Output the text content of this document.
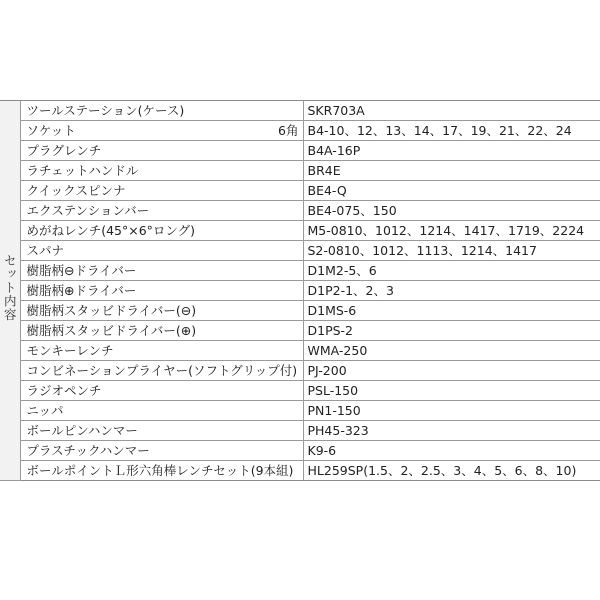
セット内容	ツールステーション(ケース)	SKR703A

	ソケット 6角	B4-10、12、13、14、17、19、21、22、24

	プラグレンチ	B4A-16P

	ラチェットハンドル	BR4E

	クイックスピンナ	BE4-Q

	エクステンションバー	BE4-075、150

	めがねレンチ(45°×6°ロング)	M5-0810、1012、1214、1417、1719、2224

	スパナ	S2-0810、1012、1113、1214、1417

	樹脂柄⊖ドライバー	D1M2-5、6

	樹脂柄⊕ドライバー	D1P2-1、2、3

	樹脂柄スタッビドライバー(⊖)	D1MS-6

	樹脂柄スタッビドライバー(⊕)	D1PS-2

	モンキーレンチ	WMA-250

	コンビネーションプライヤー(ソフトグリップ付)	PJ-200

	ラジオペンチ	PSL-150

	ニッパ	PN1-150

	ボールピンハンマー	PH45-323

	プラスチックハンマー	K9-6

	ボールポイントＬ形六角棒レンチセット(9本組)	HL259SP(1.5、2、2.5、3、4、5、6、8、10)
